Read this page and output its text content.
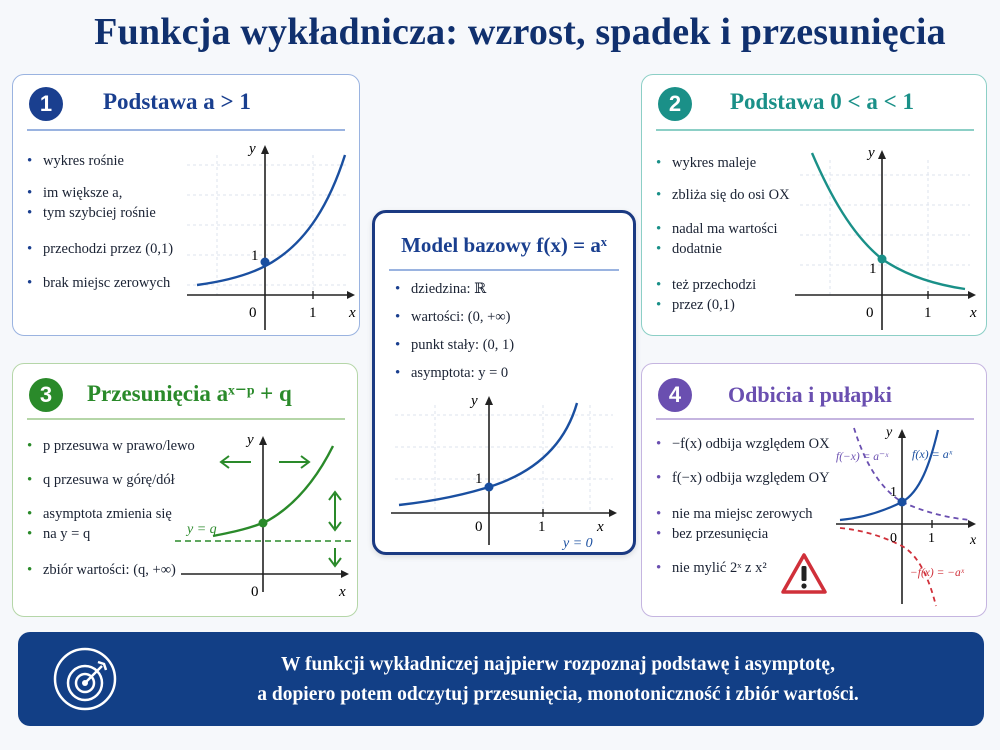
Funkcja wykładnicza: wzrost, spadek i przesunięcia
1	Podstawa a > 1
• wykres rośnie
• im większe a,
• tym szybciej rośnie
• przechodzi przez (0,1)
• brak miejsc zerowych
y
x
0	1
1
2	Podstawa 0 < a < 1
• wykres maleje
• zbliża się do osi OX
• nadal ma wartości
• dodatnie
• też przechodzi
• przez (0,1)
y
x
0	1
1
Model bazowy f(x) = aˣ
• dziedzina: ℝ
• wartości: (0, +∞)
• punkt stały: (0, 1)
• asymptota: y = 0
y
x
0	1
1
y = 0
3	Przesunięcia aˣ⁻ᵖ + q
• p przesuwa w prawo/lewo
• q przesuwa w górę/dół
• asymptota zmienia się
• na y = q
• zbiór wartości: (q, +∞)
y
x
0
y = q
4	Odbicia i pułapki
• −f(x) odbija względem OX
• f(−x) odbija względem OY
• nie ma miejsc zerowych
• bez przesunięcia
• nie mylić 2ˣ z x²
y
x
0 1
1
f(−x) = a⁻ˣ f(x) = aˣ
−f(x) = −aˣ
W funkcji wykładniczej najpierw rozpoznaj podstawę i asymptotę,
a dopiero potem odczytuj przesunięcia, monotoniczność i zbiór wartości.
